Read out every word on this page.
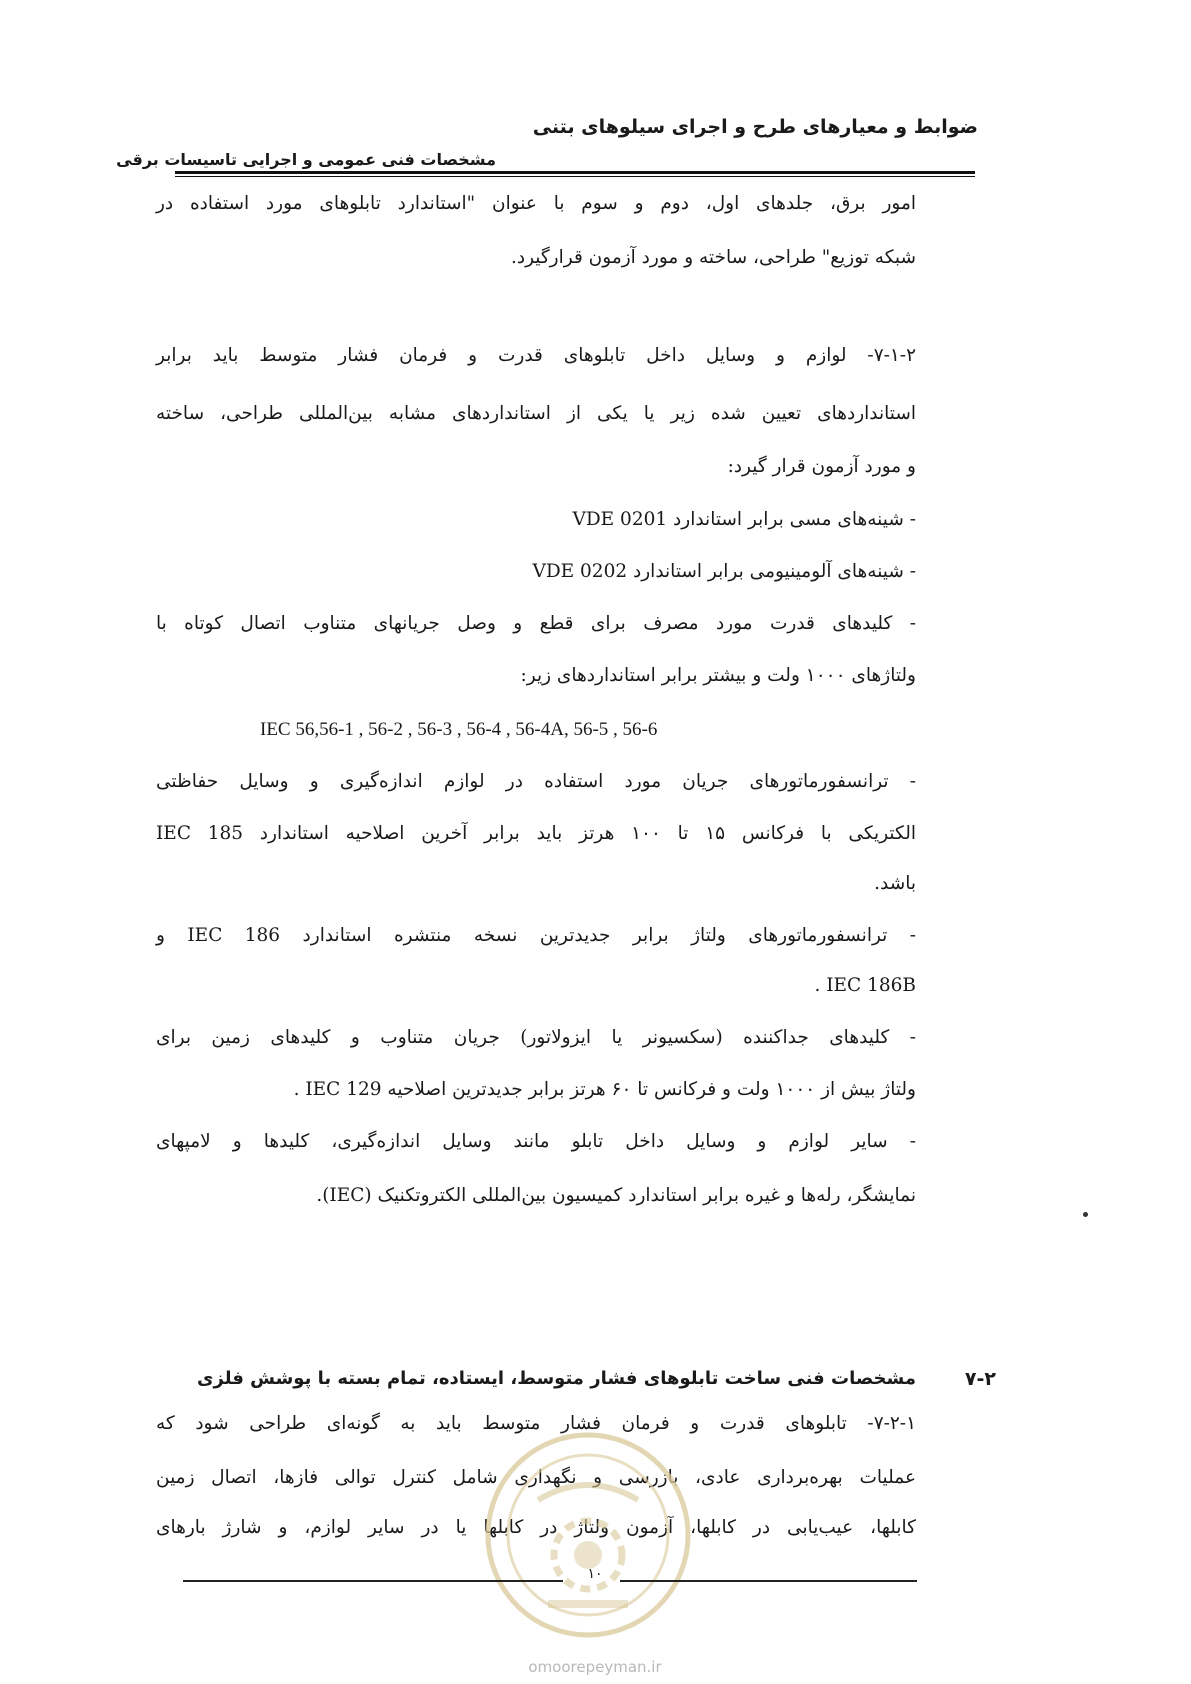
ضوابط و معیارهای طرح و اجرای سیلوهای بتنی
مشخصات فنی عمومی و اجرایی تاسیسات برقی
امور برق، جلدهای اول، دوم و سوم با عنوان "استاندارد تابلوهای مورد استفاده در
شبکه توزیع" طراحی، ساخته و مورد آزمون قرارگیرد.
۷-۱-۲- لوازم و وسایل داخل تابلوهای قدرت و فرمان فشار متوسط باید برابر
استانداردهای تعیین شده زیر یا یکی از استانداردهای مشابه بین‌المللی طراحی، ساخته
و مورد آزمون قرار گیرد:
- شینه‌های مسی برابر استاندارد VDE 0201
- شینه‌های آلومینیومی برابر استاندارد VDE 0202
- کلیدهای قدرت مورد مصرف برای قطع و وصل جریانهای متناوب اتصال کوتاه با
ولتاژهای ۱۰۰۰ ولت و بیشتر برابر استانداردهای زیر:
IEC 56,56-1 , 56-2 , 56-3 , 56-4 , 56-4A, 56-5 , 56-6
- ترانسفورماتورهای جریان مورد استفاده در لوازم اندازه‌گیری و وسایل حفاظتی
الکتریکی با فرکانس ۱۵ تا ۱۰۰ هرتز باید برابر آخرین اصلاحیه استاندارد IEC 185
باشد.
- ترانسفورماتورهای ولتاژ برابر جدیدترین نسخه منتشره استاندارد IEC 186 و
IEC 186B .
- کلیدهای جداکننده (سکسیونر یا ایزولاتور) جریان متناوب و کلیدهای زمین برای
ولتاژ بیش از ۱۰۰۰ ولت و فرکانس تا ۶۰ هرتز برابر جدیدترین اصلاحیه IEC 129 .
- سایر لوازم و وسایل داخل تابلو مانند وسایل اندازه‌گیری، کلیدها و لامپهای
نمایشگر، رله‌ها و غیره برابر استاندارد کمیسیون بین‌المللی الکتروتکنیک (IEC).
مشخصات فنی ساخت تابلوهای فشار متوسط، ایستاده، تمام بسته با پوشش فلزی	۷-۲
۷-۲-۱- تابلوهای قدرت و فرمان فشار متوسط باید به گونه‌ای طراحی شود که
عملیات بهره‌برداری عادی، بازرسی و نگهداری شامل کنترل توالی فازها، اتصال زمین
کابلها، عیب‌یابی در کابلها، آزمون ولتاژ در کابلها یا در سایر لوازم، و شارژ بارهای
۱۰
omoorepeyman.ir
